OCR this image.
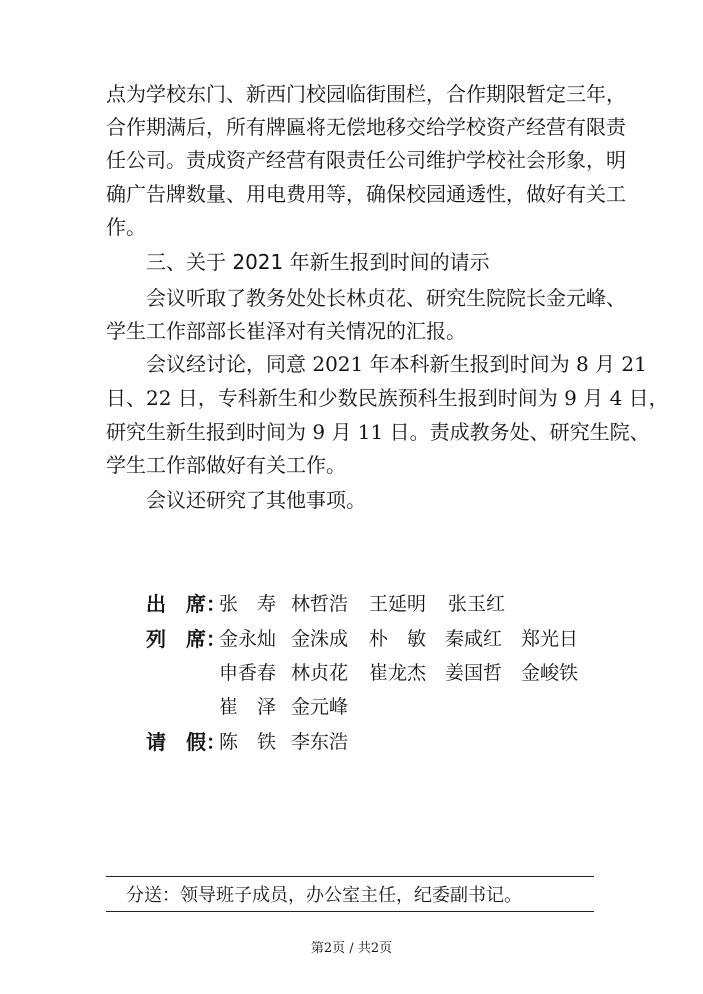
点为学校东门、新西门校园临街围栏，合作期限暂定三年，
合作期满后，所有牌匾将无偿地移交给学校资产经营有限责
任公司。责成资产经营有限责任公司维护学校社会形象，明
确广告牌数量、用电费用等，确保校园通透性，做好有关工
作。
三、关于 2021 年新生报到时间的请示
会议听取了教务处处长林贞花、研究生院院长金元峰、
学生工作部部长崔泽对有关情况的汇报。
会议经讨论，同意 2021 年本科新生报到时间为 8 月 21
日、22 日，专科新生和少数民族预科生报到时间为 9 月 4 日，
研究生新生报到时间为 9 月 11 日。责成教务处、研究生院、
学生工作部做好有关工作。
会议还研究了其他事项。
出　席：
张　寿 林哲浩 王延明 张玉红
列　席：
金永灿 金洙成 朴　敏 秦咸红 郑光日
申香春 林贞花 崔龙杰 姜国哲 金峻铁
崔　泽 金元峰
请　假：
陈　铁 李东浩
分送：领导班子成员，办公室主任，纪委副书记。
第2页 / 共2页
